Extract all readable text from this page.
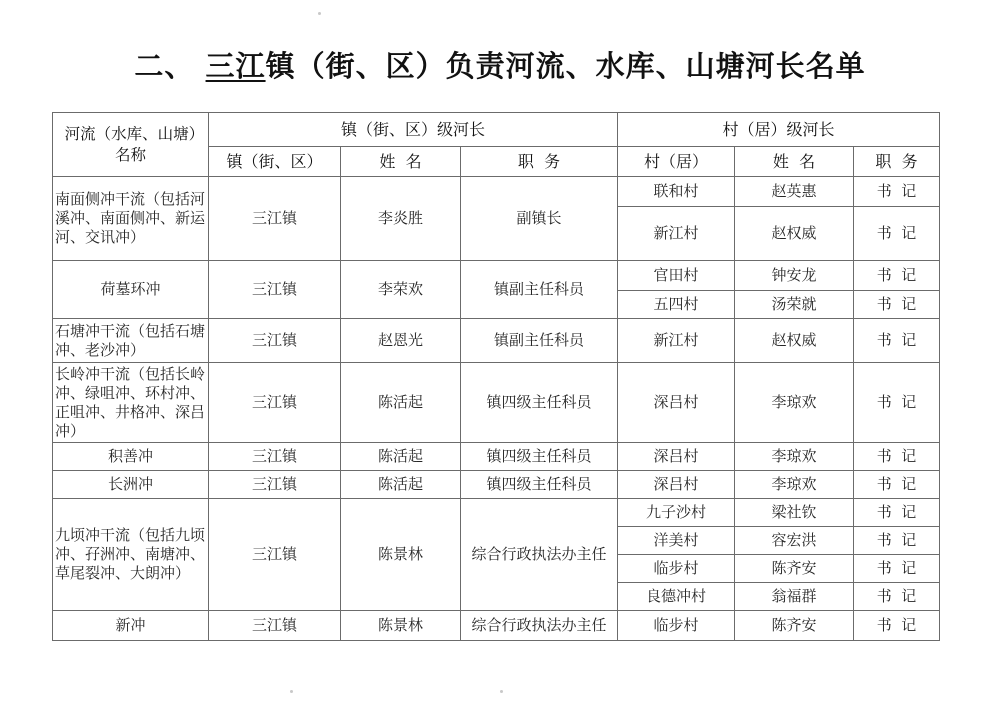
二、 三江镇（街、区）负责河流、水库、山塘河长名单
河流（水库、山塘）名称	镇（街、区）级河长			村（居）级河长		
	镇（街、区）	姓  名	职  务	村（居）	姓  名	职  务
南面侧冲干流（包括河溪冲、南面侧冲、新运河、交讯冲）	三江镇	李炎胜	副镇长	联和村	赵英惠	书  记
				新江村	赵权威	书  记
荷墓环冲	三江镇	李荣欢	镇副主任科员	官田村	钟安龙	书  记
				五四村	汤荣就	书  记
石塘冲干流（包括石塘冲、老沙冲）	三江镇	赵恩光	镇副主任科员	新江村	赵权威	书  记
长岭冲干流（包括长岭冲、绿咀冲、环村冲、正咀冲、井格冲、深吕冲）	三江镇	陈活起	镇四级主任科员	深吕村	李琼欢	书  记
积善冲	三江镇	陈活起	镇四级主任科员	深吕村	李琼欢	书  记
长洲冲	三江镇	陈活起	镇四级主任科员	深吕村	李琼欢	书  记
九顷冲干流（包括九顷冲、孖洲冲、南塘冲、草尾裂冲、大朗冲）	三江镇	陈景林	综合行政执法办主任	九子沙村	梁社钦	书  记
				洋美村	容宏洪	书  记
				临步村	陈齐安	书  记
				良德冲村	翁福群	书  记
新冲	三江镇	陈景林	综合行政执法办主任	临步村	陈齐安	书  记
